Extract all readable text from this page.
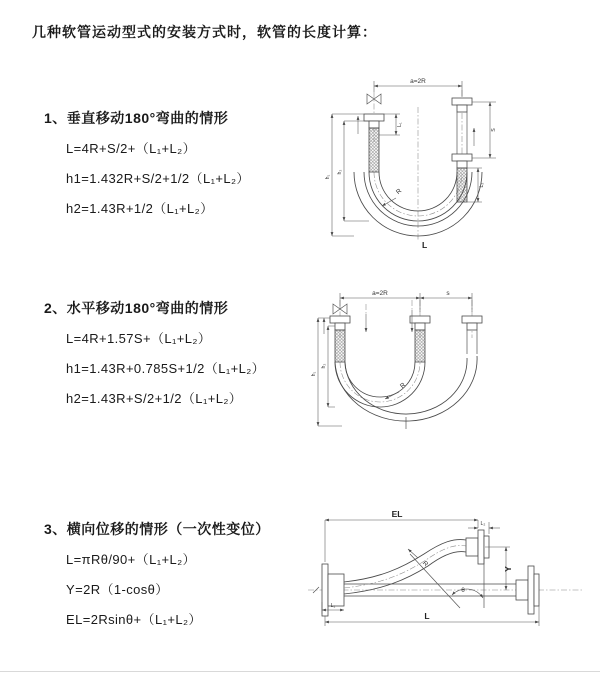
几种软管运动型式的安装方式时，软管的长度计算：
1、垂直移动180°弯曲的情形
L=4R+S/2+（L₁+L₂）
h1=1.432R+S/2+1/2（L₁+L₂）
h2=1.43R+1/2（L₁+L₂）
a=2R
h₁
h₂
L₁
S
L₂
R
L
2、水平移动180°弯曲的情形
L=4R+1.57S+（L₁+L₂）
h1=1.43R+0.785S+1/2（L₁+L₂）
h2=1.43R+S/2+1/2（L₁+L₂）
a=2R	s
h₁
h₂
R
3、横向位移的情形（一次性变位）
L=πRθ/90+（L₁+L₂）
Y=2R（1-cosθ）
EL=2Rsinθ+（L₁+L₂）
EL
L₂
Y
θ
R
L₁
L
